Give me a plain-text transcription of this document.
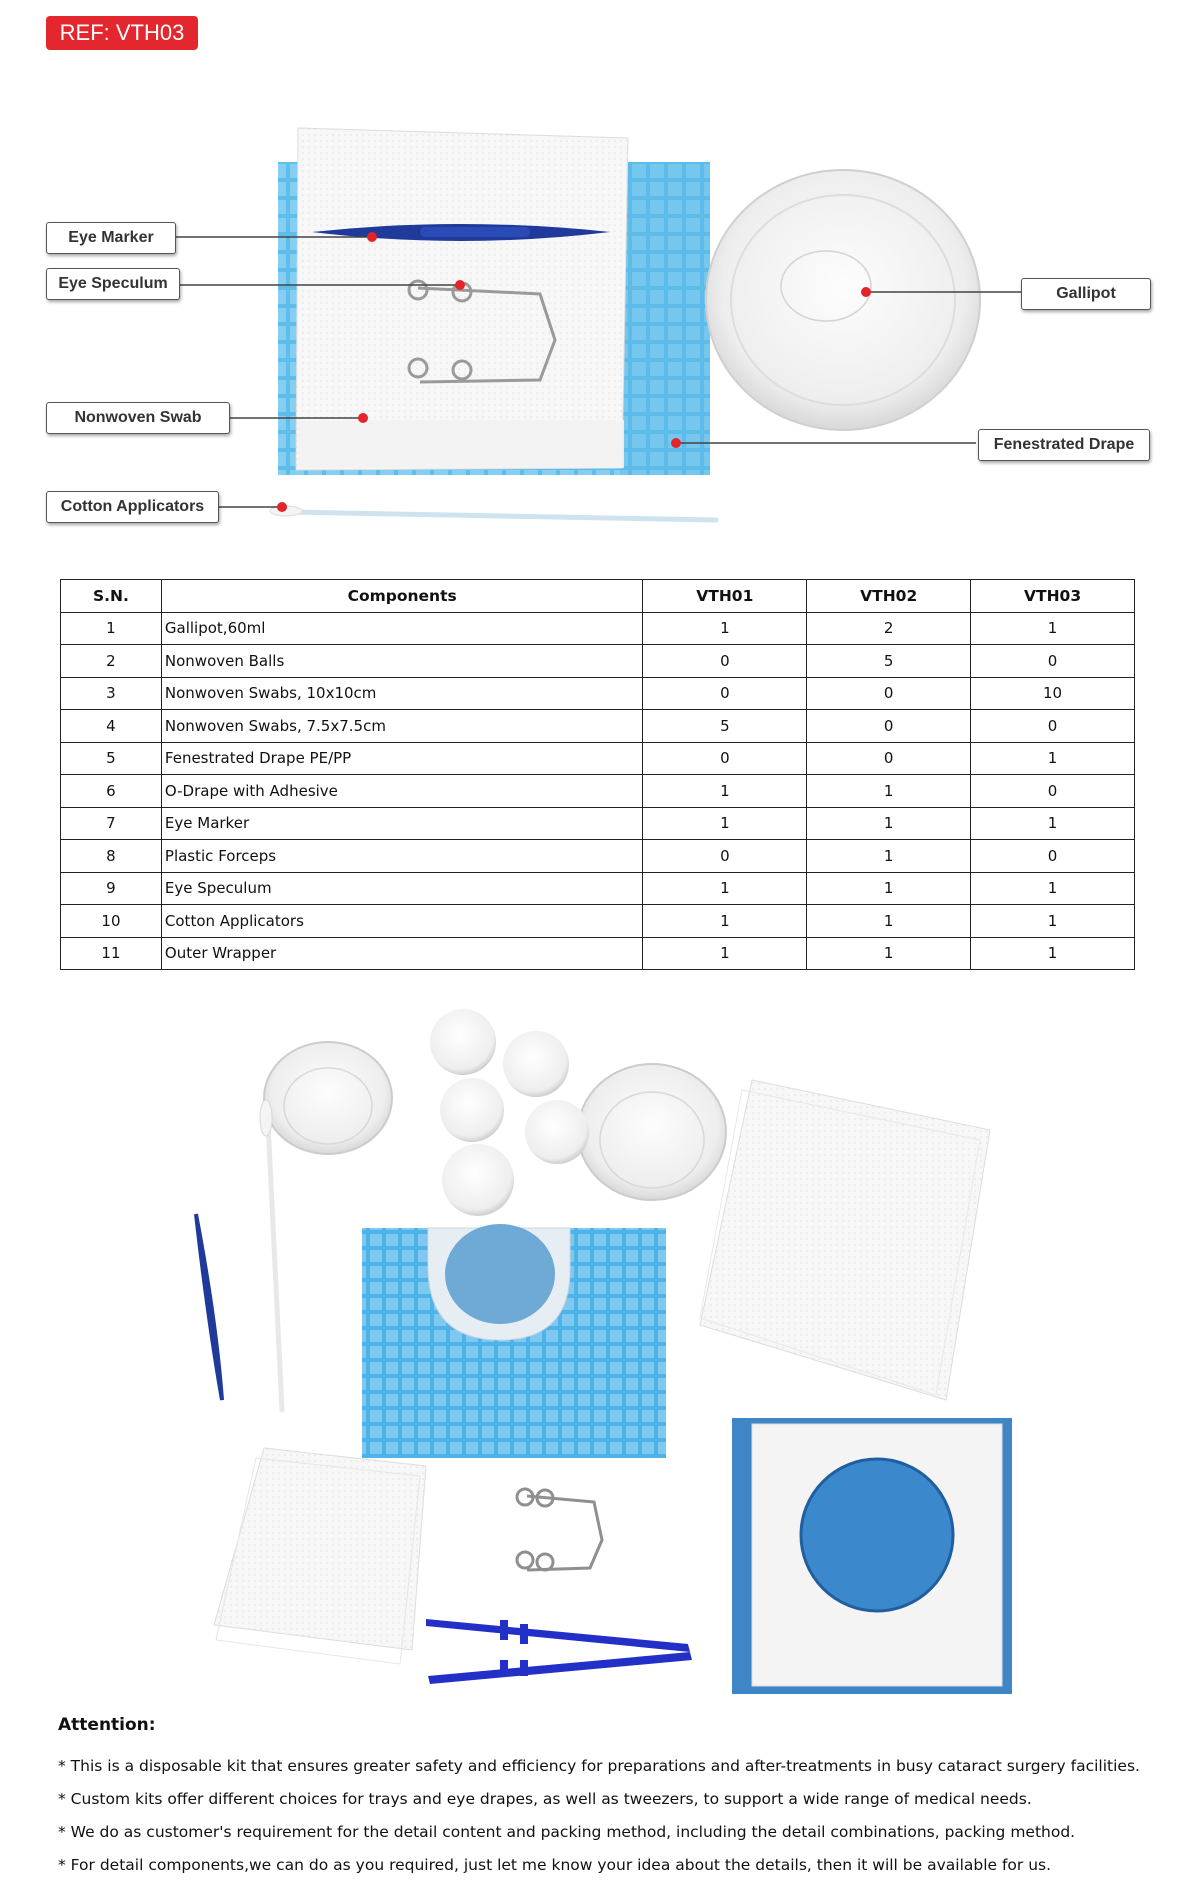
REF: VTH03
Eye Marker
Eye Speculum
Nonwoven Swab
Cotton Applicators
Gallipot
Fenestrated Drape
S.N.	Components	VTH01	VTH02	VTH03
1	Gallipot,60ml	1	2	1
2	Nonwoven Balls	0	5	0
3	Nonwoven Swabs, 10x10cm	0	0	10
4	Nonwoven Swabs, 7.5x7.5cm	5	0	0
5	Fenestrated Drape PE/PP	0	0	1
6	O-Drape with Adhesive	1	1	0
7	Eye Marker	1	1	1
8	Plastic Forceps	0	1	0
9	Eye Speculum	1	1	1
10	Cotton Applicators	1	1	1
11	Outer Wrapper	1	1	1

Attention:

* This is a disposable kit that ensures greater safety and efficiency for preparations and after-treatments in busy cataract surgery facilities.

* Custom kits offer different choices for trays and eye drapes, as well as tweezers, to support a wide range of medical needs.

* We do as customer's requirement for the detail content and packing method, including the detail combinations, packing method.

* For detail components,we can do as you required, just let me know your idea about the details, then it will be available for us.
